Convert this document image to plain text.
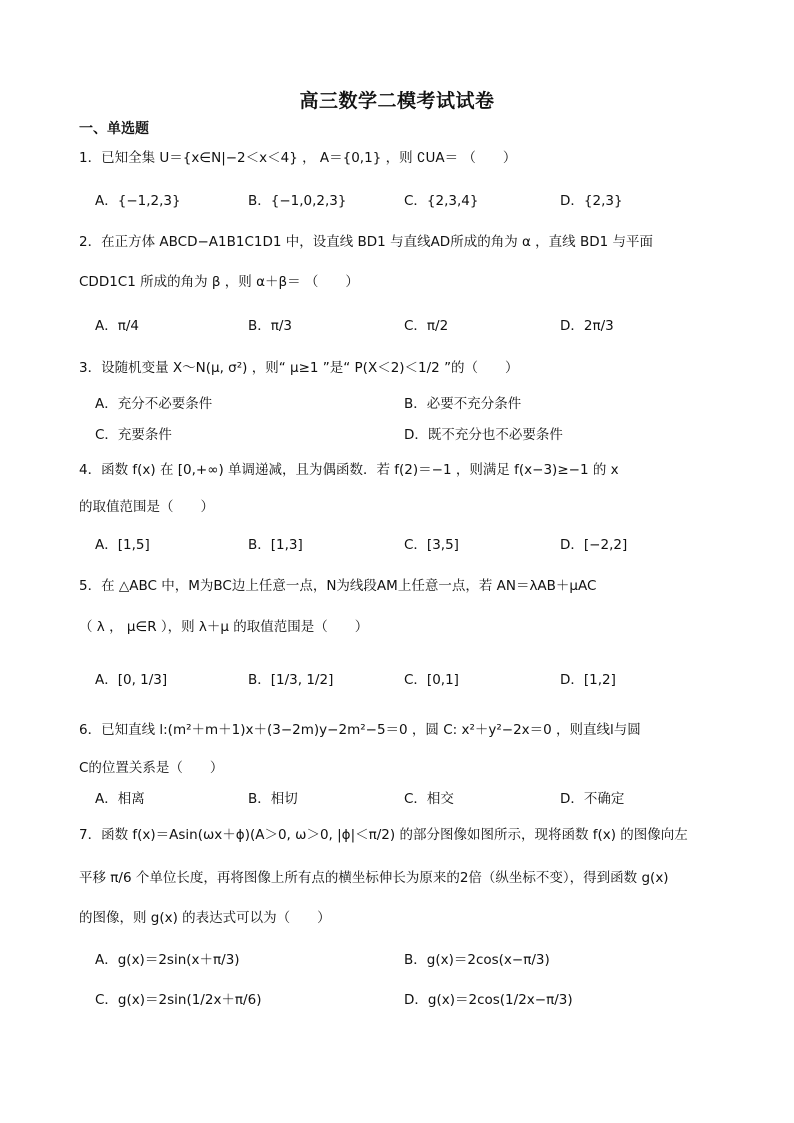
高三数学二模考试试卷
一、单选题
1．已知全集 U＝{x∈N|−2＜x＜4} ， A＝{0,1} ，则 ∁UA＝ （　　）
A．{−1,2,3}	B．{−1,0,2,3}	C．{2,3,4}	D．{2,3}
2．在正方体 ABCD−A1B1C1D1 中，设直线 BD1 与直线AD所成的角为 α ，直线 BD1 与平面
CDD1C1 所成的角为 β ，则 α＋β＝ （　　）
A．π/4	B．π/3	C．π/2	D．2π/3
3．设随机变量 X～N(μ, σ²) ，则“ μ≥1 ”是“ P(X＜2)＜1/2 ”的（　　）
A．充分不必要条件	B．必要不充分条件
C．充要条件	D．既不充分也不必要条件
4．函数 f(x) 在 [0,+∞) 单调递减，且为偶函数．若 f(2)＝−1 ，则满足 f(x−3)≥−1 的 x
的取值范围是（　　）
A．[1,5]	B．[1,3]	C．[3,5]	D．[−2,2]
5．在 △ABC 中，M为BC边上任意一点，N为线段AM上任意一点，若 AN＝λAB＋μAC
（ λ ， μ∈R ），则 λ＋μ 的取值范围是（　　）
A．[0, 1/3]	B．[1/3, 1/2]	C．[0,1]	D．[1,2]
6．已知直线 l:(m²＋m＋1)x＋(3−2m)y−2m²−5＝0 ，圆 C: x²＋y²−2x＝0 ，则直线l与圆
C的位置关系是（　　）
A．相离	B．相切	C．相交	D．不确定
7．函数 f(x)＝Asin(ωx＋ϕ)(A＞0, ω＞0, |ϕ|＜π/2) 的部分图像如图所示，现将函数 f(x) 的图像向左
平移 π/6 个单位长度，再将图像上所有点的横坐标伸长为原来的2倍（纵坐标不变），得到函数 g(x)
的图像，则 g(x) 的表达式可以为（　　）
A．g(x)＝2sin(x＋π/3)	B．g(x)＝2cos(x−π/3)
C．g(x)＝2sin(1/2x＋π/6)	D．g(x)＝2cos(1/2x−π/3)
